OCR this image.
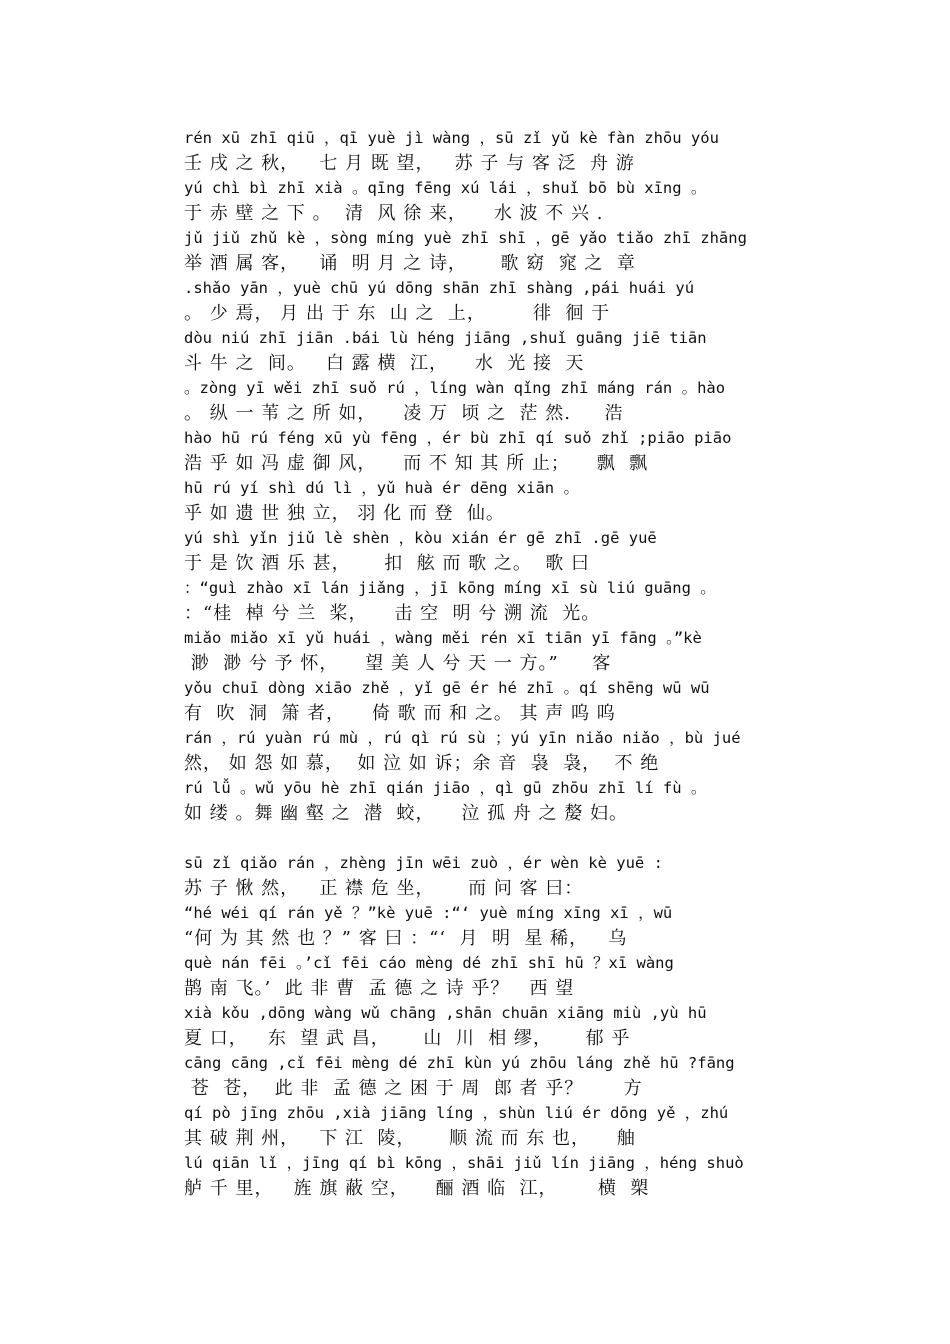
rén xū zhī qiū ，qī yuè jì wàng ，sū zǐ yǔ kè fàn zhōu yóu
壬 戌 之 秋，   七 月 既 望，   苏 子 与 客 泛  舟 游
yú chì bì zhī xià 。qīng fēng xú lái ，shuǐ bō bù xīng 。
于 赤 壁 之 下 。  清  风 徐 来，    水 波 不 兴 .
jǔ jiǔ zhǔ kè ，sòng míng yuè zhī shī ，gē yǎo tiǎo zhī zhāng
举 酒 属 客，   诵  明 月 之 诗，     歌 窈  窕 之  章
.shǎo yān ，yuè chū yú dōng shān zhī shàng ,pái huái yú
。 少 焉， 月 出 于 东  山 之  上，       徘  徊 于
dòu niú zhī jiān .bái lù héng jiāng ,shuǐ guāng jiē tiān
斗 牛 之  间。   白 露 横  江，    水  光 接  天
。zòng yī wěi zhī suǒ rú ，líng wàn qǐng zhī máng rán 。hào
。 纵 一 苇 之 所 如，    凌 万  顷 之  茫 然.     浩
hào hū rú féng xū yù fēng ，ér bù zhī qí suǒ zhǐ ;piāo piāo
浩 乎 如 冯 虚 御 风，    而 不 知 其 所 止；    飘  飘
hū rú yí shì dú lì ，yǔ huà ér dēng xiān 。
乎 如 遗 世 独 立， 羽 化 而 登  仙。
yú shì yǐn jiǔ lè shèn ，kòu xián ér gē zhī .gē yuē
于 是 饮 酒 乐 甚，     扣  舷 而 歌 之。  歌 曰
：“guì zhào xī lán jiǎng ，jī kōng míng xī sù liú guāng 。
：“桂  棹 兮 兰  桨，    击 空  明 兮 溯 流  光。
miǎo miǎo xī yǔ huái ，wàng měi rén xī tiān yī fāng 。”kè
渺  渺 兮 予 怀，    望 美 人 兮 天 一 方。”     客
yǒu chuī dòng xiāo zhě ，yǐ gē ér hé zhī 。qí shēng wū wū
有  吹  洞  箫 者，    倚 歌 而 和 之。 其 声 呜 呜
rán ，rú yuàn rú mù ，rú qì rú sù ；yú yīn niǎo niǎo ，bù jué
然， 如 怨 如 慕，  如 泣 如 诉；余 音  袅  袅，  不 绝
rú lǚ 。wǔ yōu hè zhī qián jiāo ，qì gū zhōu zhī lí fù 。
如 缕 。舞 幽 壑 之  潜  蛟，    泣 孤 舟 之 嫠 妇。
sū zǐ qiǎo rán ，zhèng jīn wēi zuò ，ér wèn kè yuē :
苏 子 愀 然，   正 襟 危 坐，     而 问 客 曰：
“hé wéi qí rán yě ？”kè yuē :“‘ yuè míng xīng xī ，wū
“何 为 其 然 也 ？” 客 曰 ：“‘  月  明  星 稀，   乌
què nán fēi 。’cǐ fēi cáo mèng dé zhī shī hū ？xī wàng
鹊 南 飞。’  此 非 曹  孟 德 之 诗 乎？   西 望
xià kǒu ,dōng wàng wǔ chāng ,shān chuān xiāng miù ,yù hū
夏 口，   东  望 武 昌，     山  川  相 缪，     郁 乎
cāng cāng ,cǐ fēi mèng dé zhī kùn yú zhōu láng zhě hū ?fāng
苍  苍，  此 非  孟 德 之 困 于 周  郎 者 乎？      方
qí pò jīng zhōu ,xià jiāng líng ，shùn liú ér dōng yě ，zhú
其 破 荆 州，   下 江  陵，     顺 流 而 东 也，    舳
lú qiān lǐ ，jīng qí bì kōng ，shāi jiǔ lín jiāng ，héng shuò
舻 千 里，   旌 旗 蔽 空，    酾 酒 临  江，      横  槊
